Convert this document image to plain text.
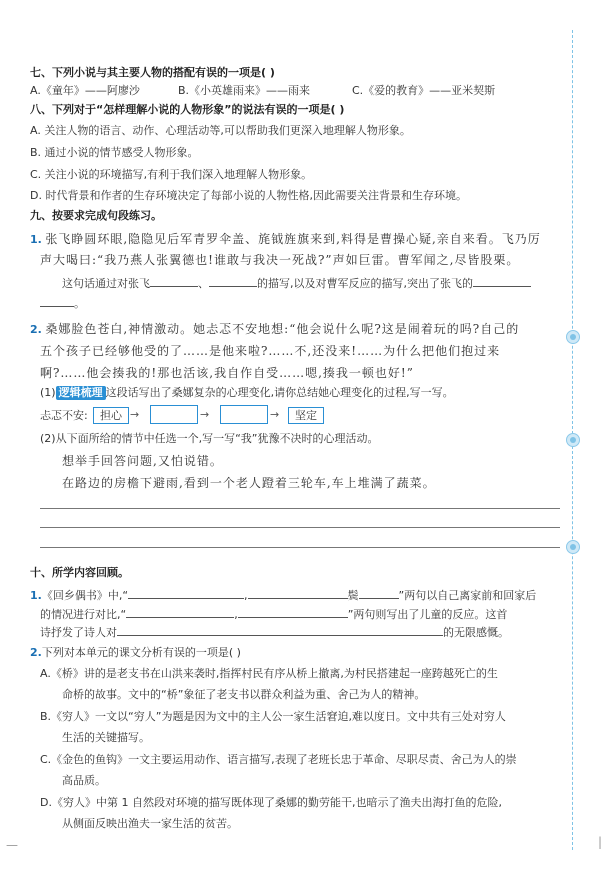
七、下列小说与其主要人物的搭配有误的一项是( )
A.《童年》——阿廖沙	B.《小英雄雨来》——雨来	C.《爱的教育》——亚米契斯
八、下列对于“怎样理解小说的人物形象”的说法有误的一项是( )
A. 关注人物的语言、动作、心理活动等,可以帮助我们更深入地理解人物形象。
B. 通过小说的情节感受人物形象。
C. 关注小说的环境描写,有利于我们深入地理解人物形象。
D. 时代背景和作者的生存环境决定了每部小说的人物性格,因此需要关注背景和生存环境。
九、按要求完成句段练习。
1. 张飞睁圆环眼,隐隐见后军青罗伞盖、旄钺旌旗来到,料得是曹操心疑,亲自来看。飞乃厉
声大喝曰:“我乃燕人张翼德也!谁敢与我决一死战?”声如巨雷。曹军闻之,尽皆股栗。
这句话通过对张飞	、	的描写,以及对曹军反应的描写,突出了张飞的
。
2. 桑娜脸色苍白,神情激动。她忐忑不安地想:“他会说什么呢?这是闹着玩的吗?自己的
五个孩子已经够他受的了……是他来啦?……不,还没来!……为什么把他们抱过来
啊?……他会揍我的!那也活该,我自作自受……嗯,揍我一顿也好!”
(1) 逻辑梳理 这段话写出了桑娜复杂的心理变化,请你总结她心理变化的过程,写一写。
忐忑不安:	担心 →	→	→	坚定
(2)从下面所给的情节中任选一个,写一写“我”犹豫不决时的心理活动。
想举手回答问题,又怕说错。
在路边的房檐下避雨,看到一个老人蹬着三轮车,车上堆满了蔬菜。
十、所学内容回顾。
1.《回乡偶书》中,“	,	鬓	”两句以自己离家前和回家后
的情况进行对比,“	,	”两句则写出了儿童的反应。这首
诗抒发了诗人对	的无限感慨。
2.下列对本单元的课文分析有误的一项是( )
A.《桥》讲的是老支书在山洪来袭时,指挥村民有序从桥上撤离,为村民搭建起一座跨越死亡的生
命桥的故事。文中的“桥”象征了老支书以群众利益为重、舍己为人的精神。
B.《穷人》一文以“穷人”为题是因为文中的主人公一家生活窘迫,难以度日。文中共有三处对穷人
生活的关键描写。
C.《金色的鱼钩》一文主要运用动作、语言描写,表现了老班长忠于革命、尽职尽责、舍己为人的崇
高品质。
D.《穷人》中第 1 自然段对环境的描写既体现了桑娜的勤劳能干,也暗示了渔夫出海打鱼的危险,
从侧面反映出渔夫一家生活的贫苦。
—	|
